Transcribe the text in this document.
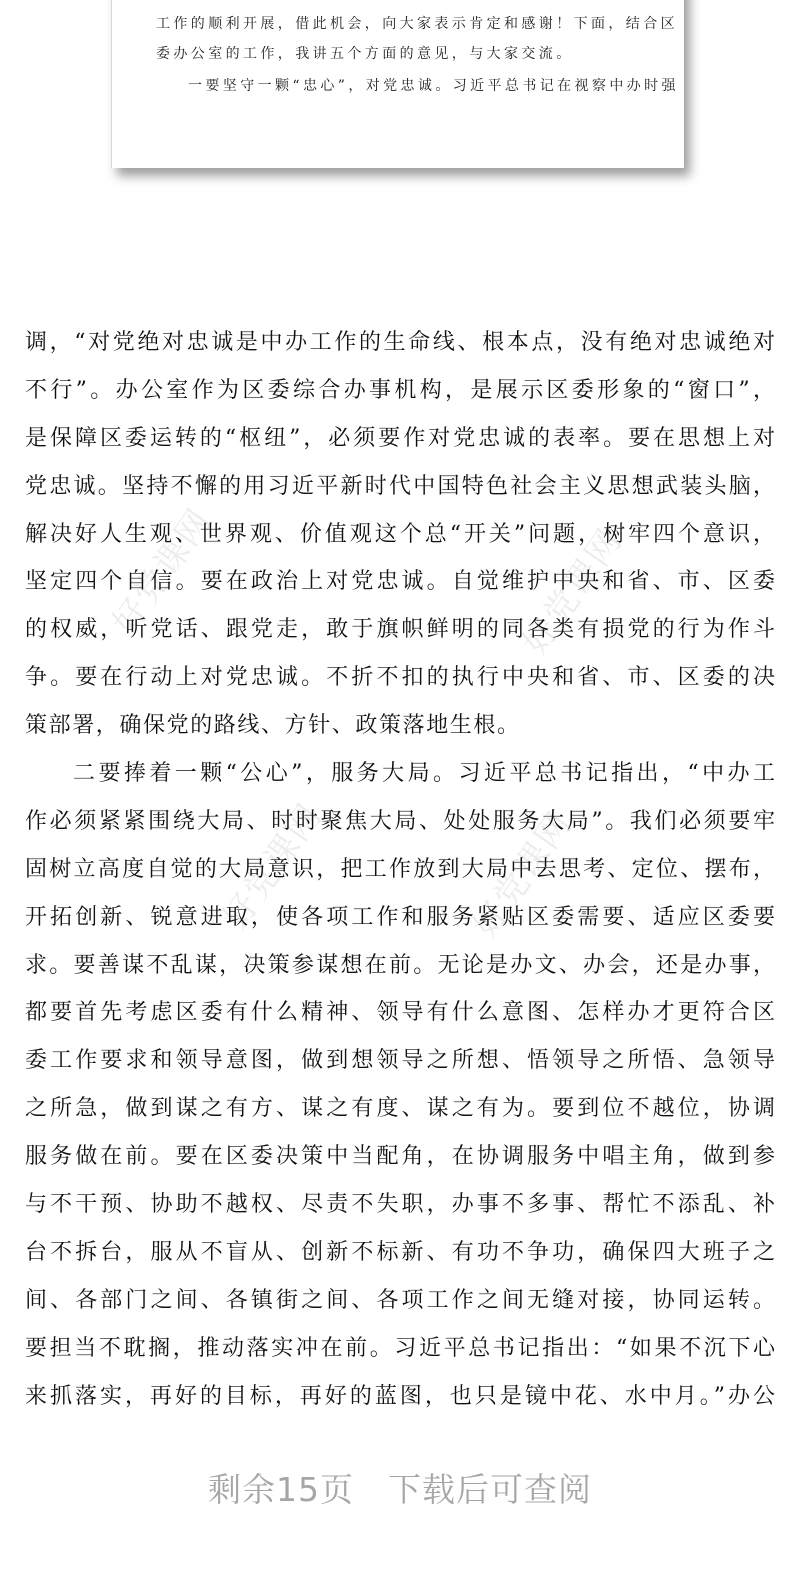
工作的顺利开展，借此机会，向大家表示肯定和感谢！下面，结合区
委办公室的工作，我讲五个方面的意见，与大家交流。
一要坚守一颗“忠心”，对党忠诚。习近平总书记在视察中办时强
好党课网	好党课网
好党课网	好党课网
调，“对党绝对忠诚是中办工作的生命线、根本点，没有绝对忠诚绝对
不行”。办公室作为区委综合办事机构，是展示区委形象的“窗口”，
是保障区委运转的“枢纽”，必须要作对党忠诚的表率。要在思想上对
党忠诚。坚持不懈的用习近平新时代中国特色社会主义思想武装头脑，
解决好人生观、世界观、价值观这个总“开关”问题，树牢四个意识，
坚定四个自信。要在政治上对党忠诚。自觉维护中央和省、市、区委
的权威，听党话、跟党走，敢于旗帜鲜明的同各类有损党的行为作斗
争。要在行动上对党忠诚。不折不扣的执行中央和省、市、区委的决
策部署，确保党的路线、方针、政策落地生根。
二要捧着一颗“公心”，服务大局。习近平总书记指出，“中办工
作必须紧紧围绕大局、时时聚焦大局、处处服务大局”。我们必须要牢
固树立高度自觉的大局意识，把工作放到大局中去思考、定位、摆布，
开拓创新、锐意进取，使各项工作和服务紧贴区委需要、适应区委要
求。要善谋不乱谋，决策参谋想在前。无论是办文、办会，还是办事，
都要首先考虑区委有什么精神、领导有什么意图、怎样办才更符合区
委工作要求和领导意图，做到想领导之所想、悟领导之所悟、急领导
之所急，做到谋之有方、谋之有度、谋之有为。要到位不越位，协调
服务做在前。要在区委决策中当配角，在协调服务中唱主角，做到参
与不干预、协助不越权、尽责不失职，办事不多事、帮忙不添乱、补
台不拆台，服从不盲从、创新不标新、有功不争功，确保四大班子之
间、各部门之间、各镇街之间、各项工作之间无缝对接，协同运转。
要担当不耽搁，推动落实冲在前。习近平总书记指出：“如果不沉下心
来抓落实，再好的目标，再好的蓝图，也只是镜中花、水中月。”办公
剩余15页 下载后可查阅
